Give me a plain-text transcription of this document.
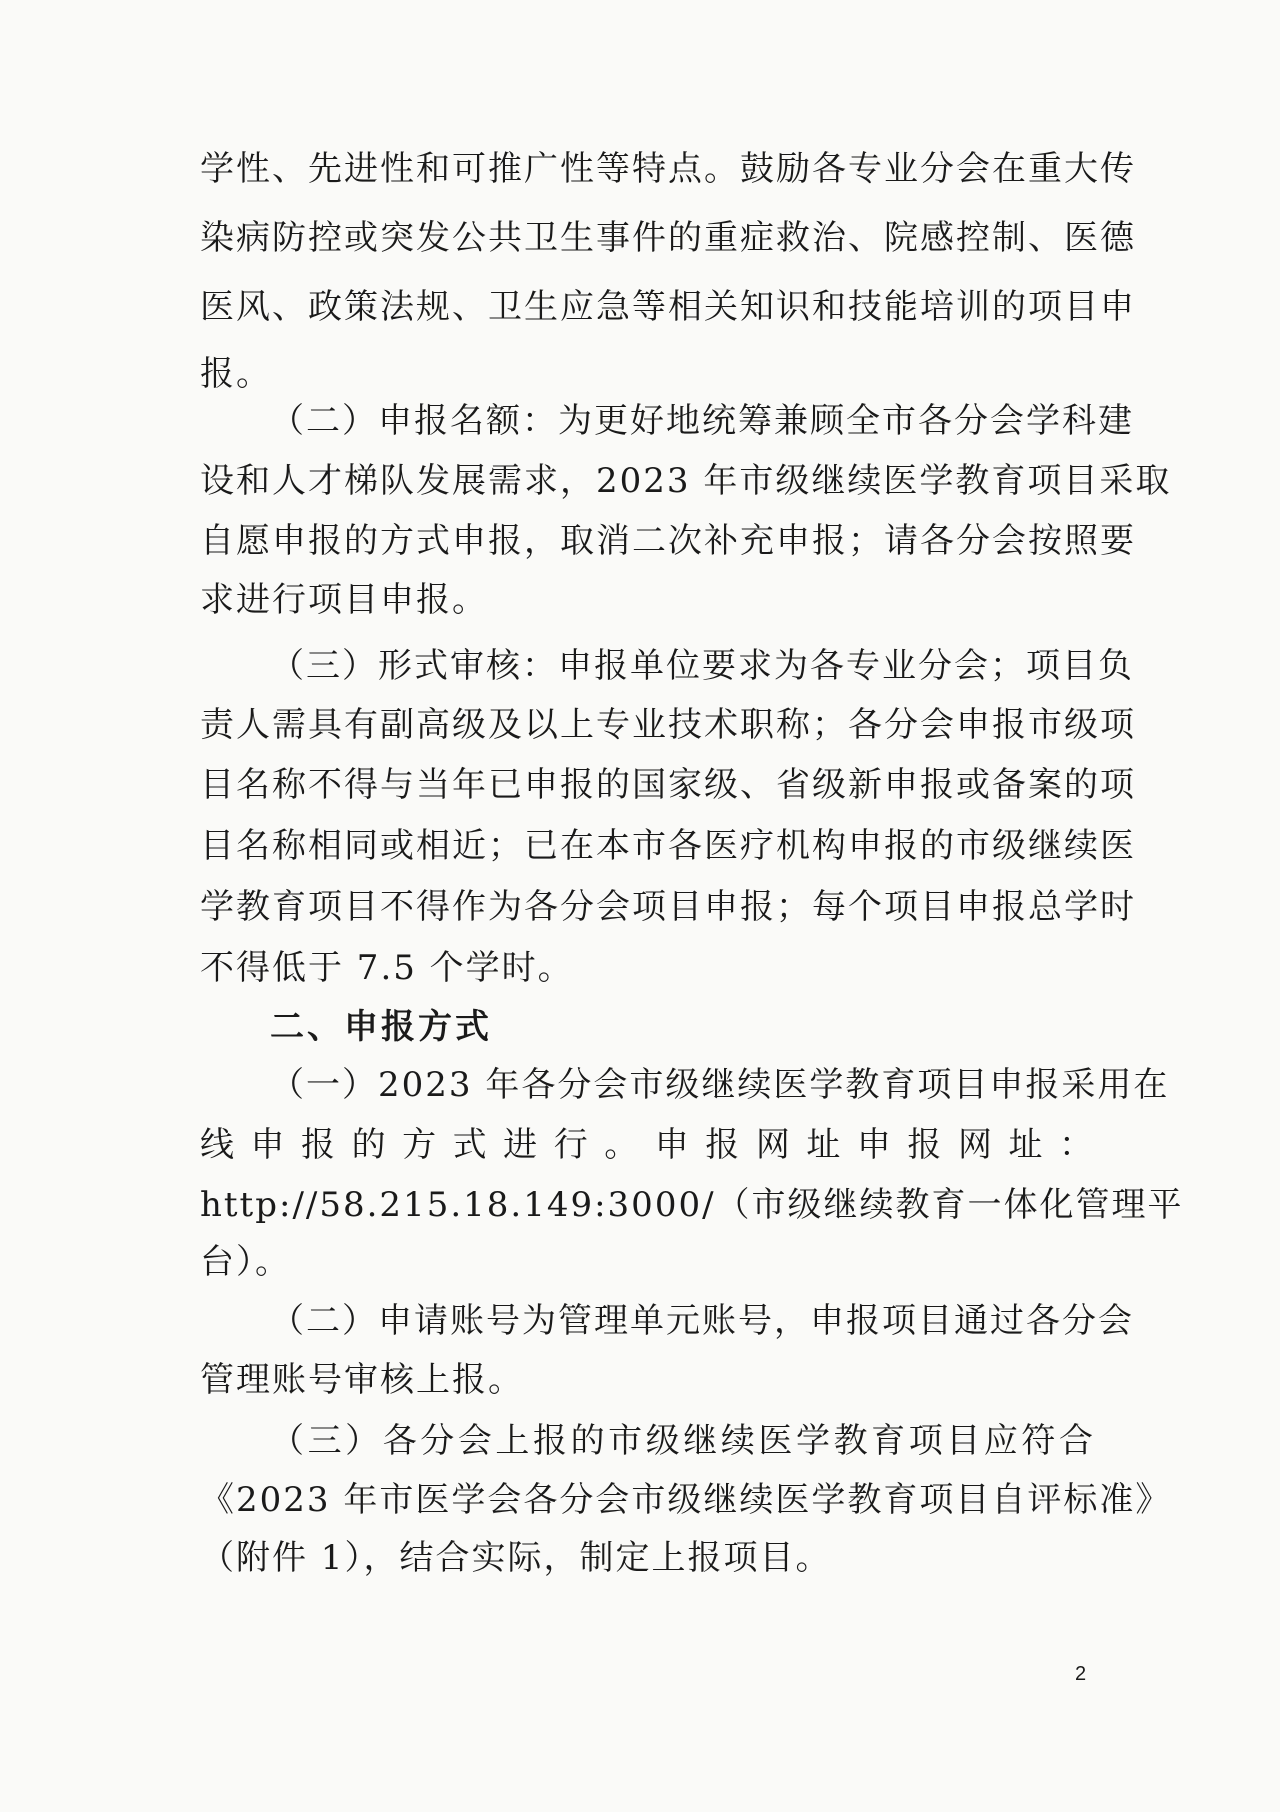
学性、先进性和可推广性等特点。鼓励各专业分会在重大传
染病防控或突发公共卫生事件的重症救治、院感控制、医德
医风、政策法规、卫生应急等相关知识和技能培训的项目申
报。
（二）申报名额：为更好地统筹兼顾全市各分会学科建
设和人才梯队发展需求，2023 年市级继续医学教育项目采取
自愿申报的方式申报，取消二次补充申报；请各分会按照要
求进行项目申报。
（三）形式审核：申报单位要求为各专业分会；项目负
责人需具有副高级及以上专业技术职称；各分会申报市级项
目名称不得与当年已申报的国家级、省级新申报或备案的项
目名称相同或相近；已在本市各医疗机构申报的市级继续医
学教育项目不得作为各分会项目申报；每个项目申报总学时
不得低于 7.5 个学时。
二、申报方式
（一）2023 年各分会市级继续医学教育项目申报采用在
线申报的方式进行。申报网址申报网址：
http://58.215.18.149:3000/（市级继续教育一体化管理平
台）。
（二）申请账号为管理单元账号，申报项目通过各分会
管理账号审核上报。
（三）各分会上报的市级继续医学教育项目应符合
《2023 年市医学会各分会市级继续医学教育项目自评标准》
（附件 1），结合实际，制定上报项目。
2
